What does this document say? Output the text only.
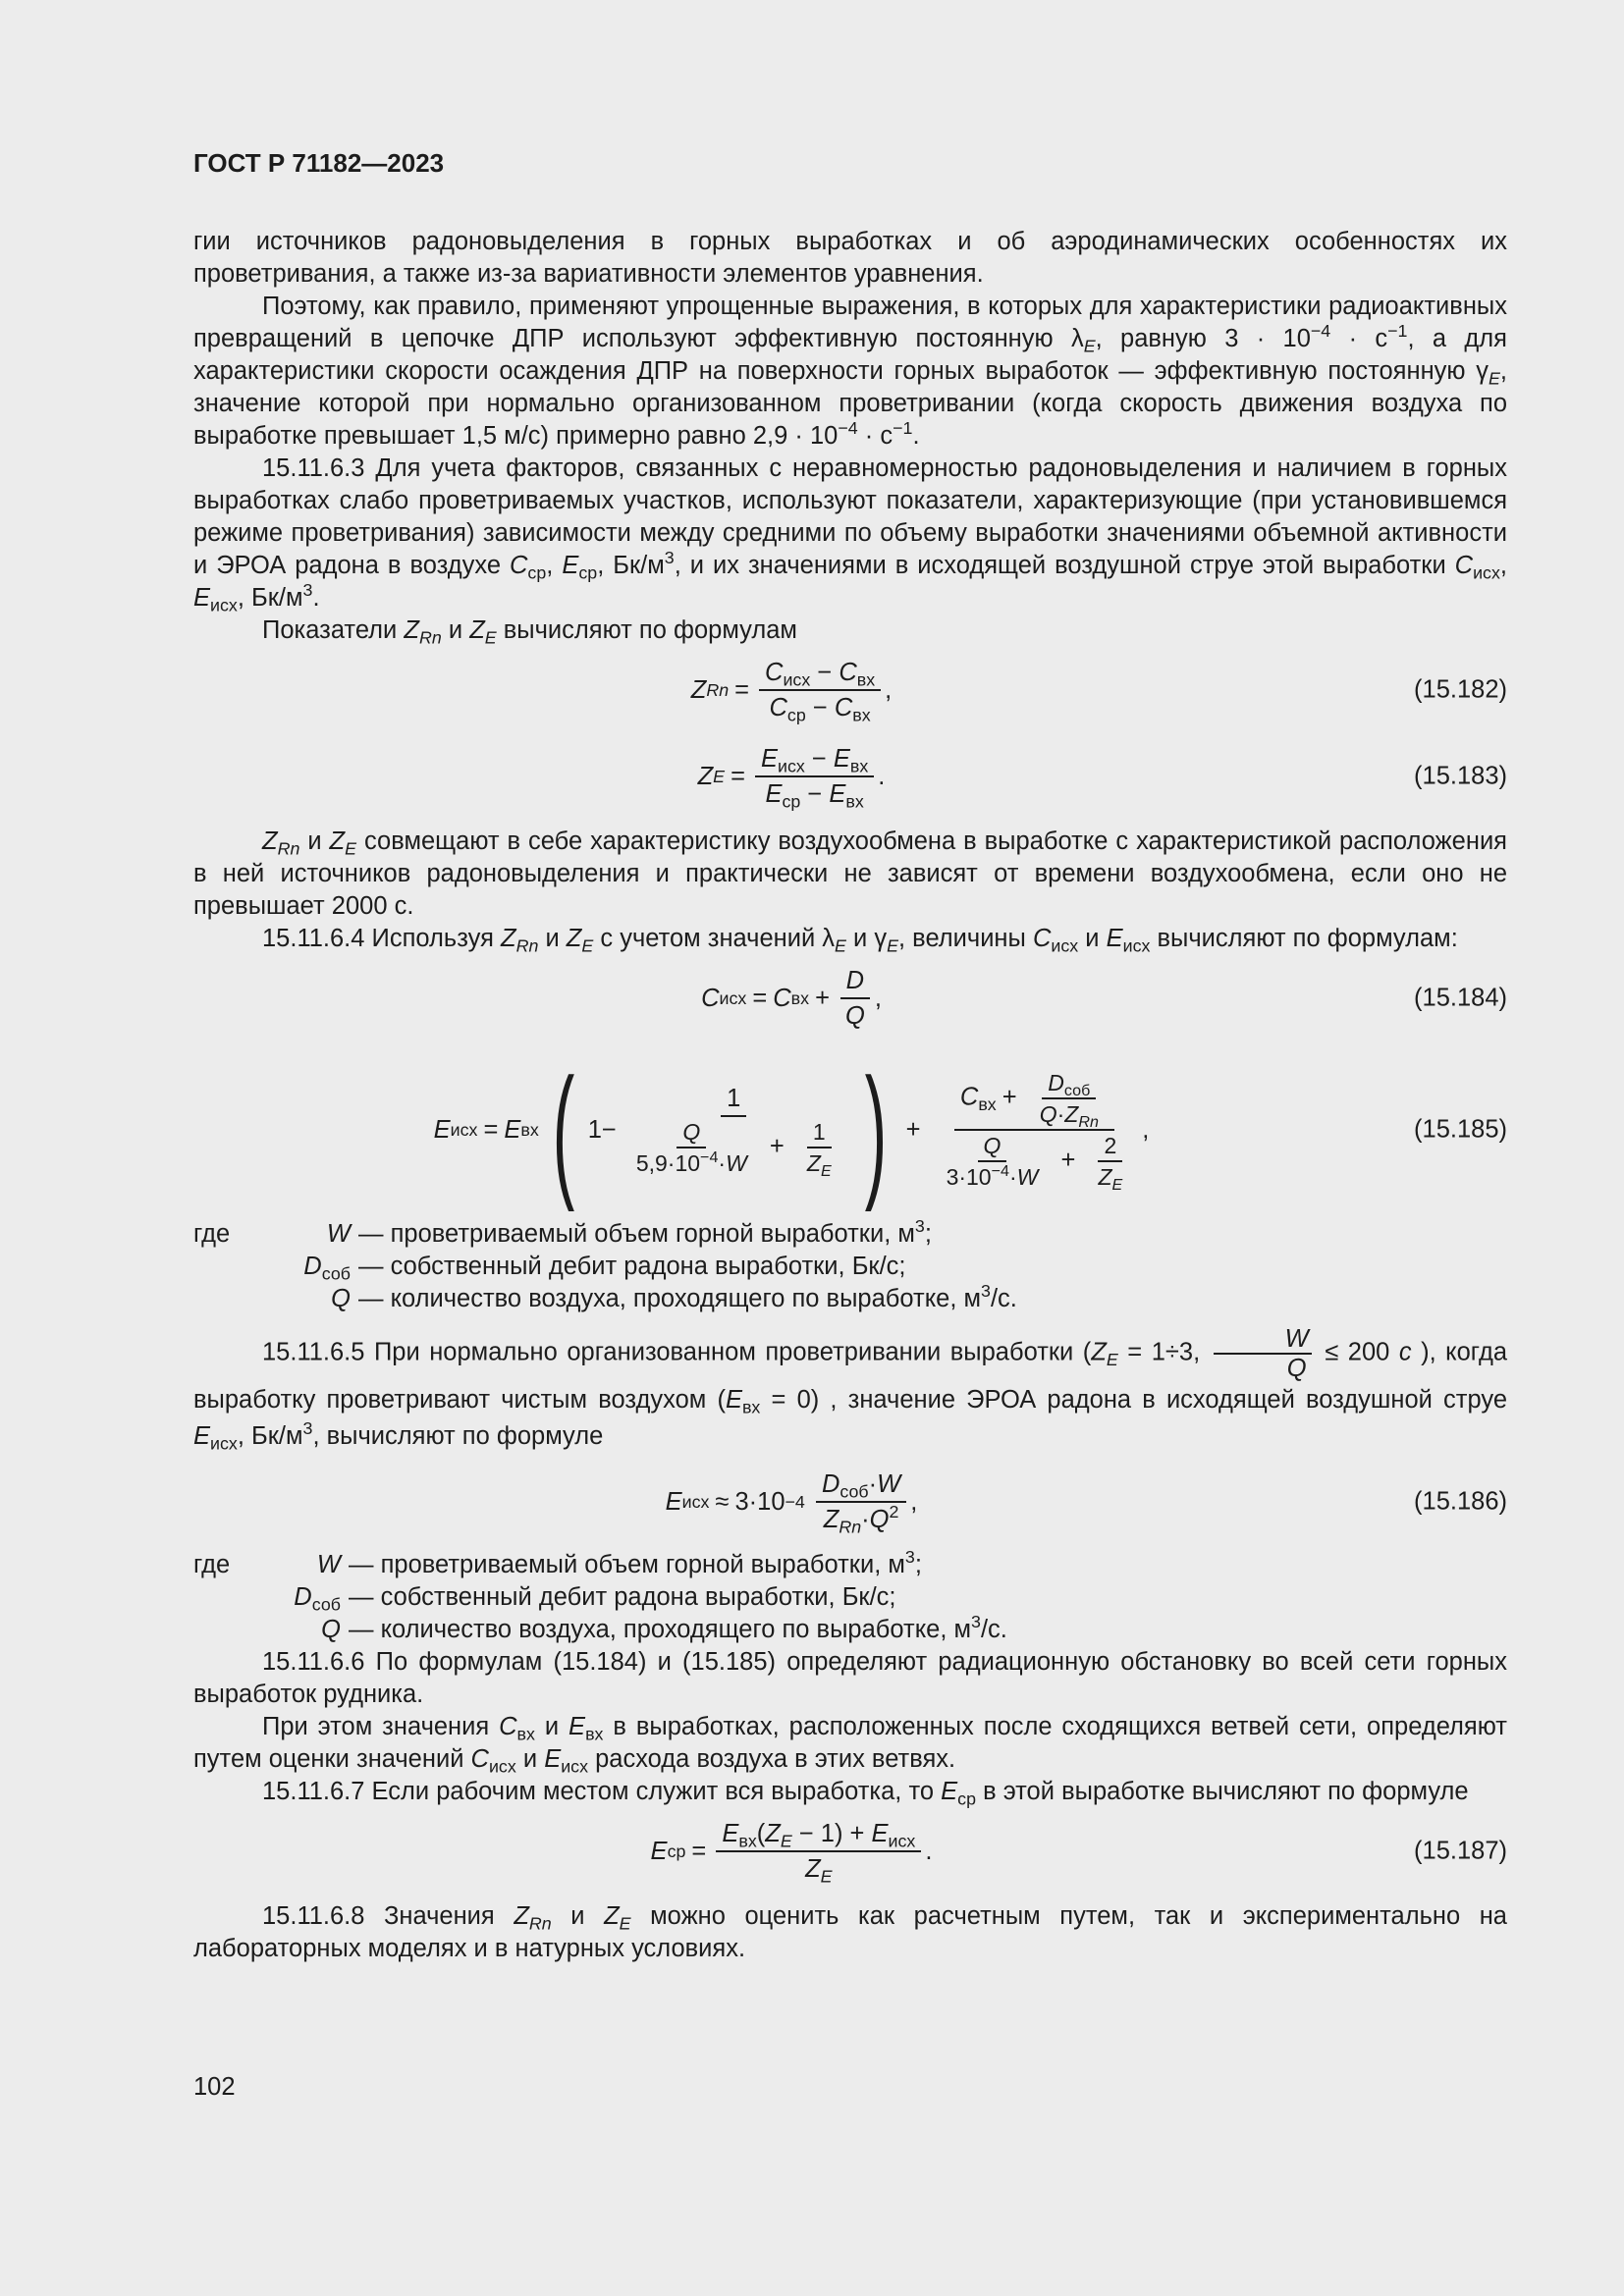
ГОСТ Р 71182—2023

гии источников радоновыделения в горных выработках и об аэродинамических особенностях их проветривания, а также из-за вариативности элементов уравнения.

Поэтому, как правило, применяют упрощенные выражения, в которых для характеристики радиоактивных превращений в цепочке ДПР используют эффективную постоянную $\lambda_E$, равную $3 \cdot 10^{-4} \cdot с^{-1}$, а для характеристики скорости осаждения ДПР на поверхности горных выработок — эффективную постоянную $\gamma_E$, значение которой при нормально организованном проветривании (когда скорость движения воздуха по выработке превышает 1,5 м/с) примерно равно $2,9 \cdot 10^{-4} \cdot с^{-1}$.

15.11.6.3 Для учета факторов, связанных с неравномерностью радоновыделения и наличием в горных выработках слабо проветриваемых участков, используют показатели, характеризующие (при установившемся режиме проветривания) зависимости между средними по объему выработки значениями объемной активности и ЭРОА радона в воздухе $C_{ср}$, $E_{ср}$, $Бк/м^3$, и их значениями в исходящей воздушной струе этой выработки $C_{исх}$, $E_{исх}$, $Бк/м^3$.

Показатели $Z_{Rn}$ и $Z_E$ вычисляют по формулам

Z $Rn = \frac{C_{исх} - C_{вх}}{C_{ср} - C_{вх}}$ ,	(15.182)
Z $E = \frac{E_{исх} - E_{вх}}{E_{ср} - E_{вх}}$ .	(15.183)

$Z_{Rn}$ и $Z_E$ совмещают в себе характеристику воздухообмена в выработке с характеристикой расположения в ней источников радоновыделения и практически не зависят от времени воздухообмена, если оно не превышает 2000 с.

15.11.6.4 Используя $Z_{Rn}$ и $Z_E$ с учетом значений $\lambda_E$ и $\gamma_E$, величины $C_{исх}$ и $E_{исх}$ вычисляют по формулам:

C исх = C вх + $\frac{D}{Q}$ ,	(15.184)
E исх = E вх ( $1- \frac{1}{\frac{Q}{5,9\cdot 10^{-4}\cdot W} + \frac{1}{Z_E}}$ ) + $\frac{C_{вх} + \frac{D_{соб}}{Q\cdot Z_{Rn}}}{\frac{Q}{3\cdot 10^{-4}\cdot W} + \frac{2}{Z_E}}$ ,	(15.185)
где	W — проветриваемый объем горной выработки, $м^3$;
$D_{соб}$ — собственный дебит радона выработки, Бк/с;
Q — количество воздуха, проходящего по выработке, $м^3/с$.

15.11.6.5 При нормально организованном проветривании выработки ($Z_E = 1\div 3$, $\frac{W}{Q} \le 200$ c ), когда выработку проветривают чистым воздухом $(E_{вх} = 0)$ , значение ЭРОА радона в исходящей воздушной струе $E_{исх}$, $Бк/м^3$, вычисляют по формуле

E исх ≈ 3·10 −4
$\frac{D_{соб}\cdot W}{Z_{Rn}\cdot Q^2}$ ,	(15.186)
где	W — проветриваемый объем горной выработки, $м^3$;
$D_{соб}$ — собственный дебит радона выработки, Бк/с;
Q — количество воздуха, проходящего по выработке, $м^3/с$.

15.11.6.6 По формулам (15.184) и (15.185) определяют радиационную обстановку во всей сети горных выработок рудника.

При этом значения $C_{вх}$ и $E_{вх}$ в выработках, расположенных после сходящихся ветвей сети, определяют путем оценки значений $C_{исх}$ и $E_{исх}$ расхода воздуха в этих ветвях.

15.11.6.7 Если рабочим местом служит вся выработка, то $E_{ср}$ в этой выработке вычисляют по формуле

E ср = $\frac{E_{вх}(Z_E - 1) + E_{исх}}{Z_E}$ .	(15.187)

15.11.6.8 Значения $Z_{Rn}$ и $Z_E$ можно оценить как расчетным путем, так и экспериментально на лабораторных моделях и в натурных условиях.

102
